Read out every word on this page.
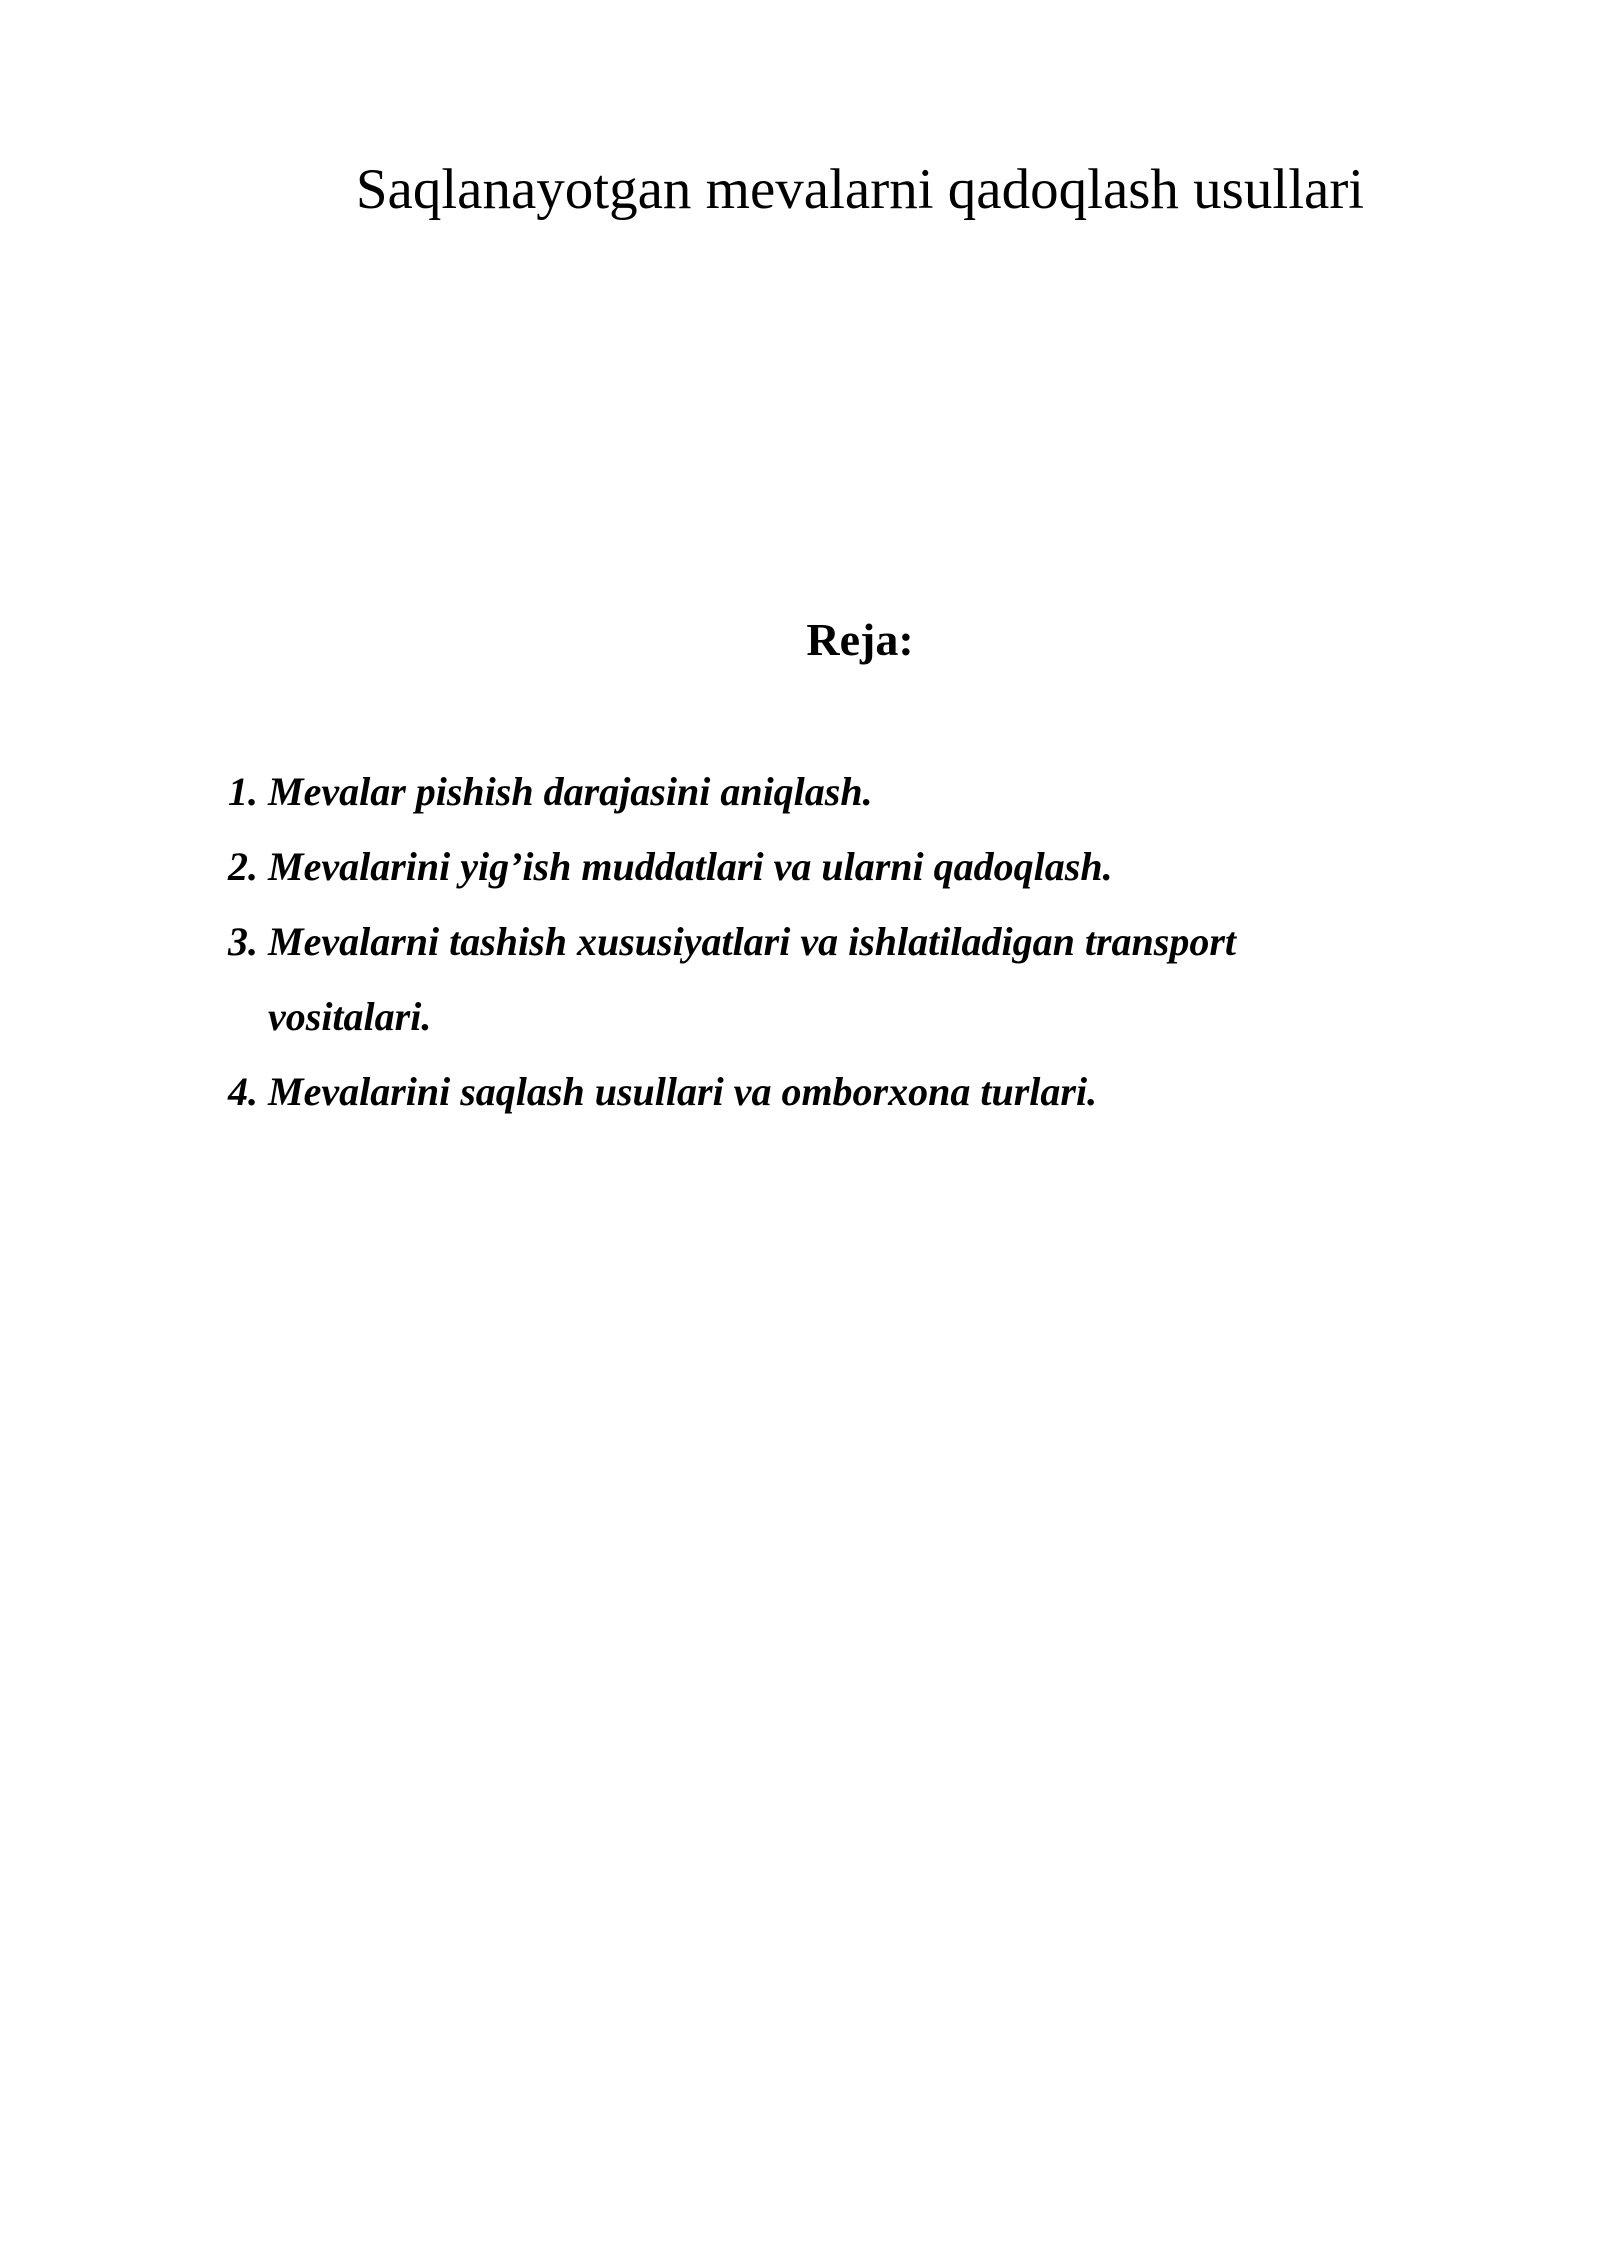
Saqlanayotgan mevalarni qadoqlash usullari
Reja:
1. Mevalar pishish darajasini aniqlash.
2. Mevalarini yig’ish muddatlari va ularni qadoqlash.
3. Mevalarni tashish xususiyatlari va ishlatiladigan transport vositalari.
4. Mevalarini saqlash usullari va omborxona turlari.
